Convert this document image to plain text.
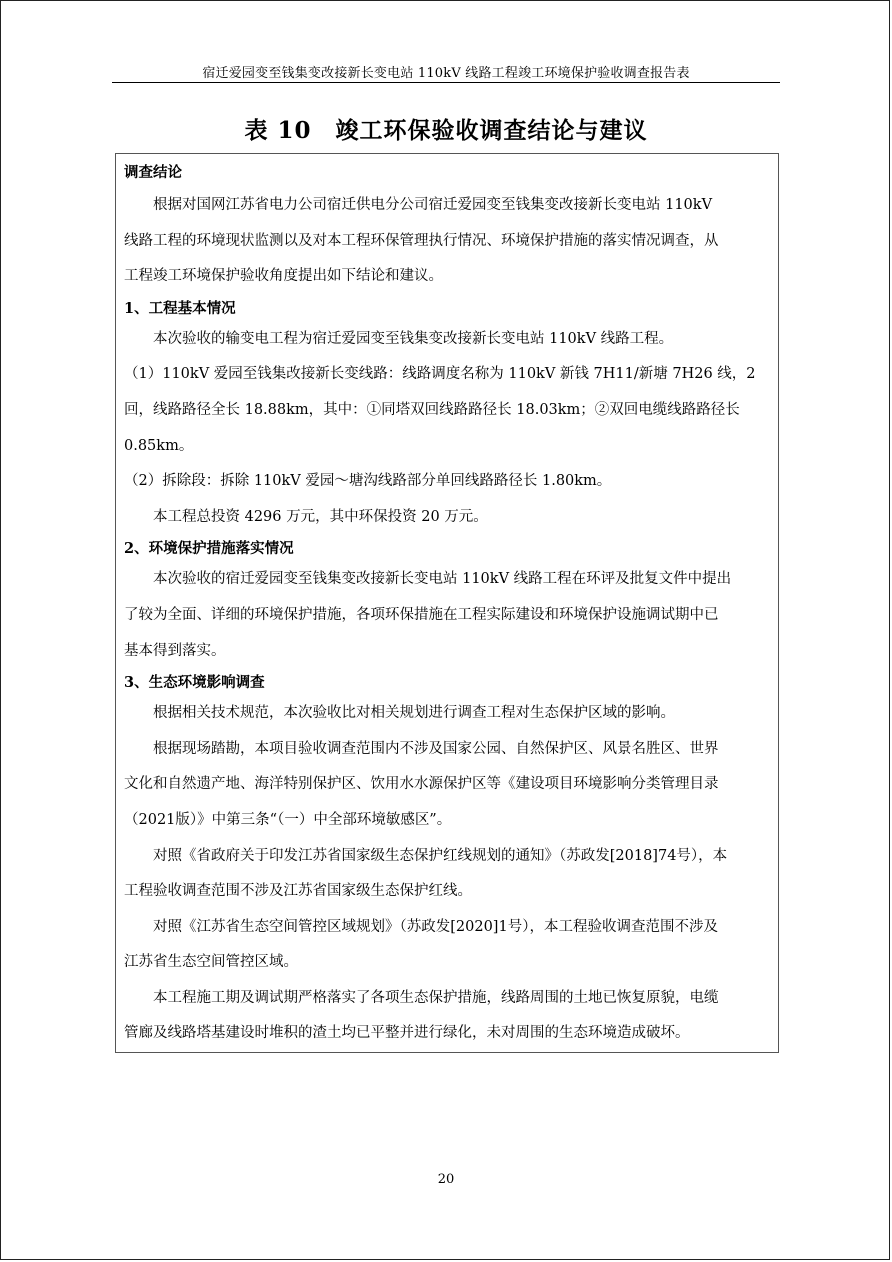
宿迁爱园变至钱集变改接新长变电站 110kV 线路工程竣工环境保护验收调查报告表
表 10　竣工环保验收调查结论与建议

调查结论

根据对国网江苏省电力公司宿迁供电分公司宿迁爱园变至钱集变改接新长变电站 110kV

线路工程的环境现状监测以及对本工程环保管理执行情况、环境保护措施的落实情况调查，从

工程竣工环境保护验收角度提出如下结论和建议。

1、工程基本情况

本次验收的输变电工程为宿迁爱园变至钱集变改接新长变电站 110kV 线路工程。

（1）110kV 爱园至钱集改接新长变线路：线路调度名称为 110kV 新钱 7H11/新塘 7H26 线，2

回，线路路径全长 18.88km，其中：①同塔双回线路路径长 18.03km；②双回电缆线路路径长

0.85km。

（2）拆除段：拆除 110kV 爱园～塘沟线路部分单回线路路径长 1.80km。

本工程总投资 4296 万元，其中环保投资 20 万元。

2、环境保护措施落实情况

本次验收的宿迁爱园变至钱集变改接新长变电站 110kV 线路工程在环评及批复文件中提出

了较为全面、详细的环境保护措施，各项环保措施在工程实际建设和环境保护设施调试期中已

基本得到落实。

3、生态环境影响调查

根据相关技术规范，本次验收比对相关规划进行调查工程对生态保护区域的影响。

根据现场踏勘，本项目验收调查范围内不涉及国家公园、自然保护区、风景名胜区、世界

文化和自然遗产地、海洋特别保护区、饮用水水源保护区等《建设项目环境影响分类管理目录

（2021版）》中第三条“（一）中全部环境敏感区”。

对照《省政府关于印发江苏省国家级生态保护红线规划的通知》（苏政发[2018]74号），本

工程验收调查范围不涉及江苏省国家级生态保护红线。

对照《江苏省生态空间管控区域规划》（苏政发[2020]1号），本工程验收调查范围不涉及

江苏省生态空间管控区域。

本工程施工期及调试期严格落实了各项生态保护措施，线路周围的土地已恢复原貌，电缆

管廊及线路塔基建设时堆积的渣土均已平整并进行绿化，未对周围的生态环境造成破坏。

20
